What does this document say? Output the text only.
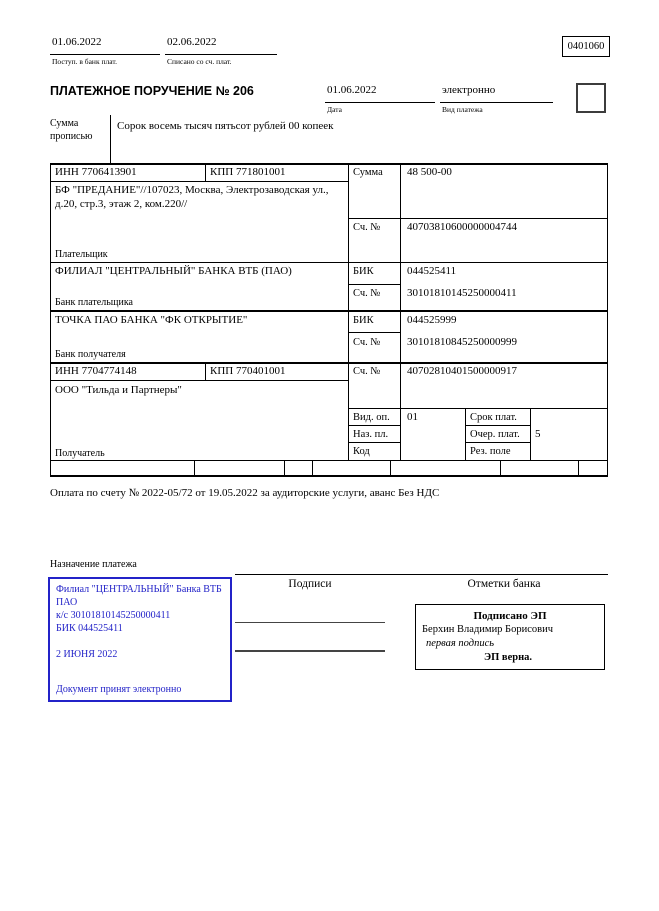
01.06.2022
Поступ. в банк плат.
02.06.2022
Списано со сч. плат.
0401060
ПЛАТЕЖНОЕ ПОРУЧЕНИЕ № 206	01.06.2022
Дата
электронно
Вид платежа
Сумма прописью
Сорок восемь тысяч пятьсот рублей 00 копеек
ИНН 7706413901	КПП 771801001	Сумма 48 500-00
БФ "ПРЕДАНИЕ"//107023, Москва, Электрозаводская ул., д.20, стр.3, этаж 2, ком.220//
Сч. № 40703810600000004744
Плательщик
ФИЛИАЛ "ЦЕНТРАЛЬНЫЙ" БАНКА ВТБ (ПАО)	БИК	044525411
Сч. № 30101810145250000411
Банк плательщика
ТОЧКА ПАО БАНКА "ФК ОТКРЫТИЕ"	БИК	044525999
Сч. № 30101810845250000999
Банк получателя
ИНН 7704774148	КПП 770401001	Сч. № 40702810401500000917
ООО "Тильда и Партнеры"
Получатель
Вид. оп. 01	Срок плат.
Наз. пл.	Очер. плат. 5
Код	Рез. поле
Оплата по счету № 2022-05/72 от 19.05.2022 за аудиторские услуги, аванс Без НДС
Назначение платежа
Подписи	Отметки банка
Филиал "ЦЕНТРАЛЬНЫЙ" Банка ВТБ ПАО
к/с 30101810145250000411
БИК 044525411
2 ИЮНЯ 2022
Документ принят электронно
Подписано ЭП
Берхин Владимир Борисович
первая подпись
ЭП верна.
